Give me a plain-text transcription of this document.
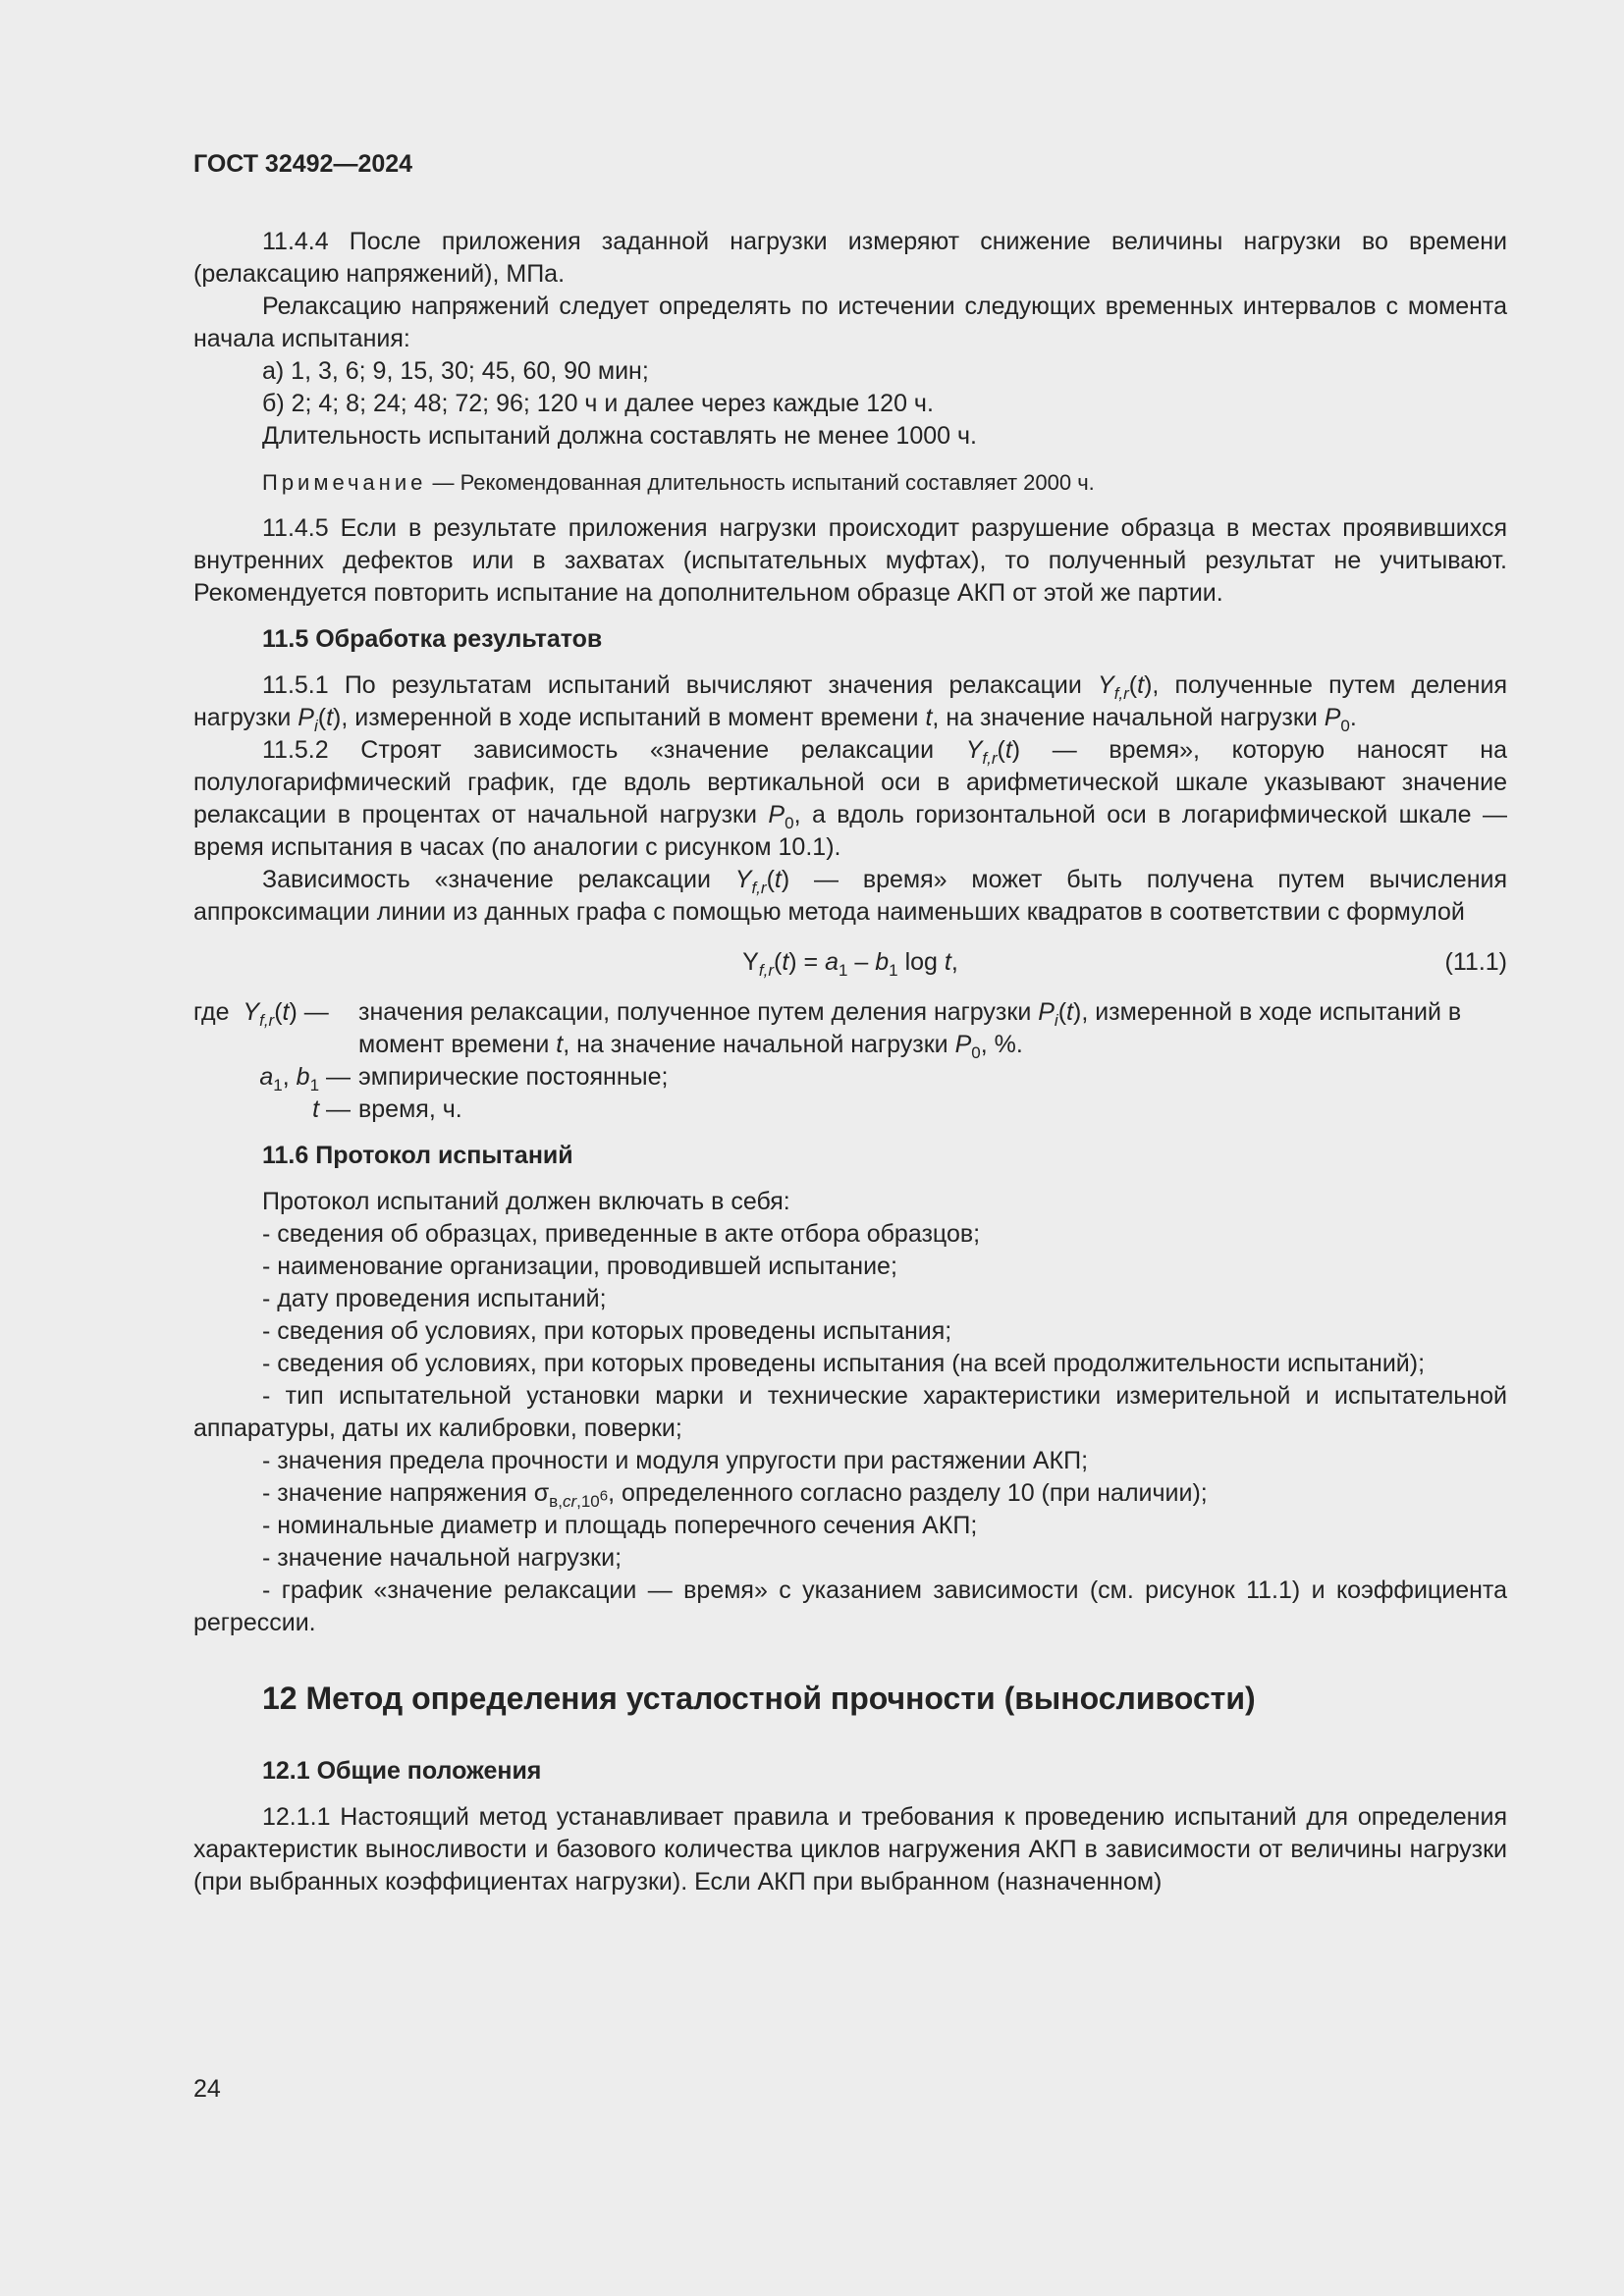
ГОСТ 32492—2024

11.4.4 После приложения заданной нагрузки измеряют снижение величины нагрузки во времени (релаксацию напряжений), МПа.

Релаксацию напряжений следует определять по истечении следующих временных интервалов с момента начала испытания:

а) 1, 3, 6; 9, 15, 30; 45, 60, 90 мин;

б) 2; 4; 8; 24; 48; 72; 96; 120 ч и далее через каждые 120 ч.

Длительность испытаний должна составлять не менее 1000 ч.

Примечание — Рекомендованная длительность испытаний составляет 2000 ч.

11.4.5 Если в результате приложения нагрузки происходит разрушение образца в местах проявившихся внутренних дефектов или в захватах (испытательных муфтах), то полученный результат не учитывают. Рекомендуется повторить испытание на дополнительном образце АКП от этой же партии.

11.5 Обработка результатов

11.5.1 По результатам испытаний вычисляют значения релаксации $Y_{f,r}(t)$, полученные путем деления нагрузки $P_i(t)$, измеренной в ходе испытаний в момент времени t, на значение начальной нагрузки $P_0$.

11.5.2 Строят зависимость «значение релаксации $Y_{f,r}(t)$ — время», которую наносят на полулогарифмический график, где вдоль вертикальной оси в арифметической шкале указывают значение релаксации в процентах от начальной нагрузки $P_0$, а вдоль горизонтальной оси в логарифмической шкале — время испытания в часах (по аналогии с рисунком 10.1).

Зависимость «значение релаксации $Y_{f,r}(t)$ — время» может быть получена путем вычисления аппроксимации линии из данных графа с помощью метода наименьших квадратов в соответствии с формулой

$Y_{f,r}(t) = a_1 - b_1$ log t,	(11.1)
где $Y_{f,r}(t)$ —	значения релаксации, полученное путем деления нагрузки $P_i(t)$, измеренной в ходе испытаний в момент времени t, на значение начальной нагрузки $P_0$, %.
$a_1$, $b_1$ — эмпирические постоянные;
t — время, ч.
11.6 Протокол испытаний

Протокол испытаний должен включать в себя:

- сведения об образцах, приведенные в акте отбора образцов;

- наименование организации, проводившей испытание;

- дату проведения испытаний;

- сведения об условиях, при которых проведены испытания;

- сведения об условиях, при которых проведены испытания (на всей продолжительности испытаний);

- тип испытательной установки марки и технические характеристики измерительной и испытательной аппаратуры, даты их калибровки, поверки;

- значения предела прочности и модуля упругости при растяжении АКП;

- значение напряжения $\sigma_{в,cr,10^6}$, определенного согласно разделу 10 (при наличии);

- номинальные диаметр и площадь поперечного сечения АКП;

- значение начальной нагрузки;

- график «значение релаксации — время» с указанием зависимости (см. рисунок 11.1) и коэффициента регрессии.

12 Метод определения усталостной прочности (выносливости)
12.1 Общие положения

12.1.1 Настоящий метод устанавливает правила и требования к проведению испытаний для определения характеристик выносливости и базового количества циклов нагружения АКП в зависимости от величины нагрузки (при выбранных коэффициентах нагрузки). Если АКП при выбранном (назначенном)

24
